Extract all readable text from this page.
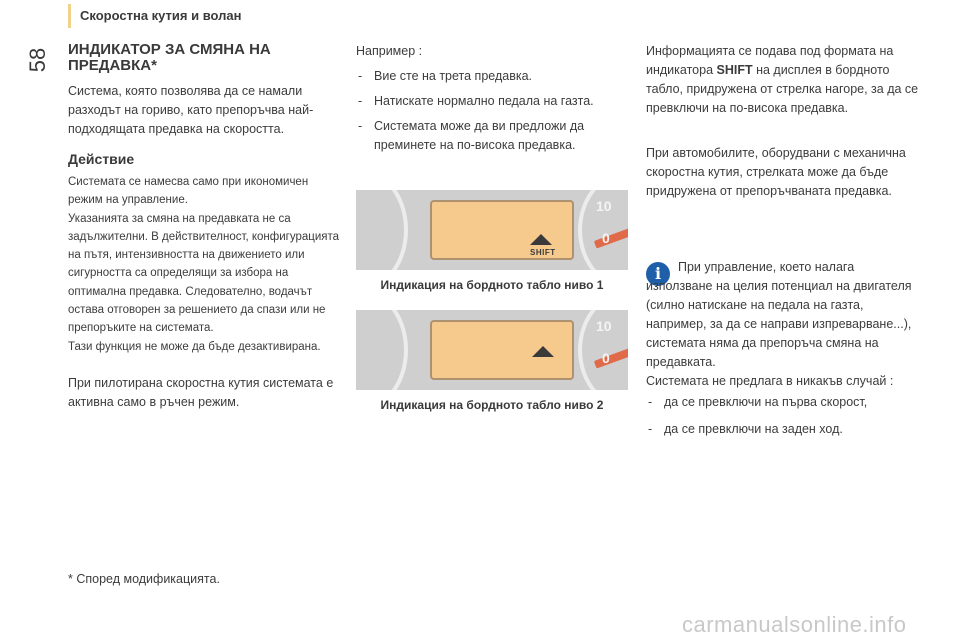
Скоростна кутия и волан
58	ИНДИКАТОР ЗА СМЯНА НА
ПРЕДАВКА*
Система, която позволява да се намали разходът на гориво, като препоръчва най-подходящата предавка на скоростта.
Действие

Системата се намесва само при икономичен режим на управление.

Указанията за смяна на предавката не са задължителни. В действителност, конфигурацията на пътя, интензивността на движението или сигурността са определящи за избора на оптимална предавка. Следователно, водачът остава отговорен за решението да спази или не препоръките на системата.

Тази функция не може да бъде дезактивирана.

При пилотирана скоростна кутия системата е активна само в ръчен режим.
Например :
- Вие сте на трета предавка.
- Натискате нормално педала на газта.
- Системата може да ви предложи да преминете на по-висока предавка.
10
0
SHIFT
Индикация на бордното табло ниво 1
10
0
Индикация на бордното табло ниво 2
Информацията се подава под формата на индикатора SHIFT на дисплея в бордното табло, придружена от стрелка нагоре, за да се превключи на по-висока предавка.
При автомобилите, оборудвани с механична скоростна кутия, стрелката може да бъде придружена от препоръчваната предавка.
i	При управление, което налага
използване на целия потенциал на двигателя (силно натискане на педала на газта, например, за да се направи изпреварване...), системата няма да препоръча смяна на предавката.
Системата не предлага в никакъв случай :
- да се превключи на първа скорост,
- да се превключи на заден ход.
* Според модификацията.
carmanualsonline.info
